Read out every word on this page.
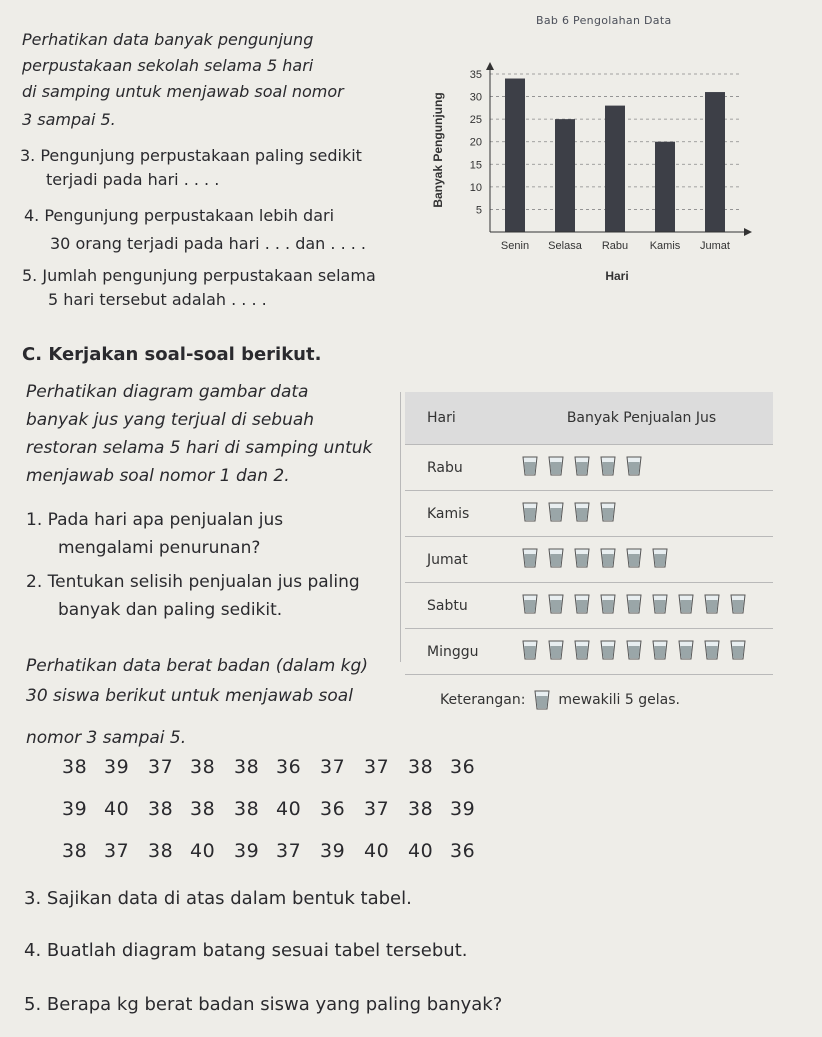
Bab 6 Pengolahan Data
Perhatikan data banyak pengunjung
perpustakaan sekolah selama 5 hari
di samping untuk menjawab soal nomor
3 sampai 5.
3. Pengunjung perpustakaan paling sedikit
terjadi pada hari . . . .
4. Pengunjung perpustakaan lebih dari
30 orang terjadi pada hari . . . dan . . . .
5. Jumlah pengunjung perpustakaan selama
5 hari tersebut adalah . . . .
5
10
15
20
25
30
35
Senin Selasa Rabu Kamis Jumat
Banyak Pengunjung
Hari
C. Kerjakan soal-soal berikut.
Perhatikan diagram gambar data
banyak jus yang terjual di sebuah
restoran selama 5 hari di samping untuk
menjawab soal nomor 1 dan 2.
1. Pada hari apa penjualan jus
mengalami penurunan?
2. Tentukan selisih penjualan jus paling
banyak dan paling sedikit.
Hari	Banyak Penjualan Jus
Rabu	
Kamis	
Jumat	
Sabtu	
Minggu	
Keterangan: mewakili 5 gelas.
Perhatikan data berat badan (dalam kg)
30 siswa berikut untuk menjawab soal
nomor 3 sampai 5.
38 39 37 38 38 36 37 37 38 36
39 40 38 38 38 40 36 37 38 39
38 37 38 40 39 37 39 40 40 36
3. Sajikan data di atas dalam bentuk tabel.
4. Buatlah diagram batang sesuai tabel tersebut.
5. Berapa kg berat badan siswa yang paling banyak?
